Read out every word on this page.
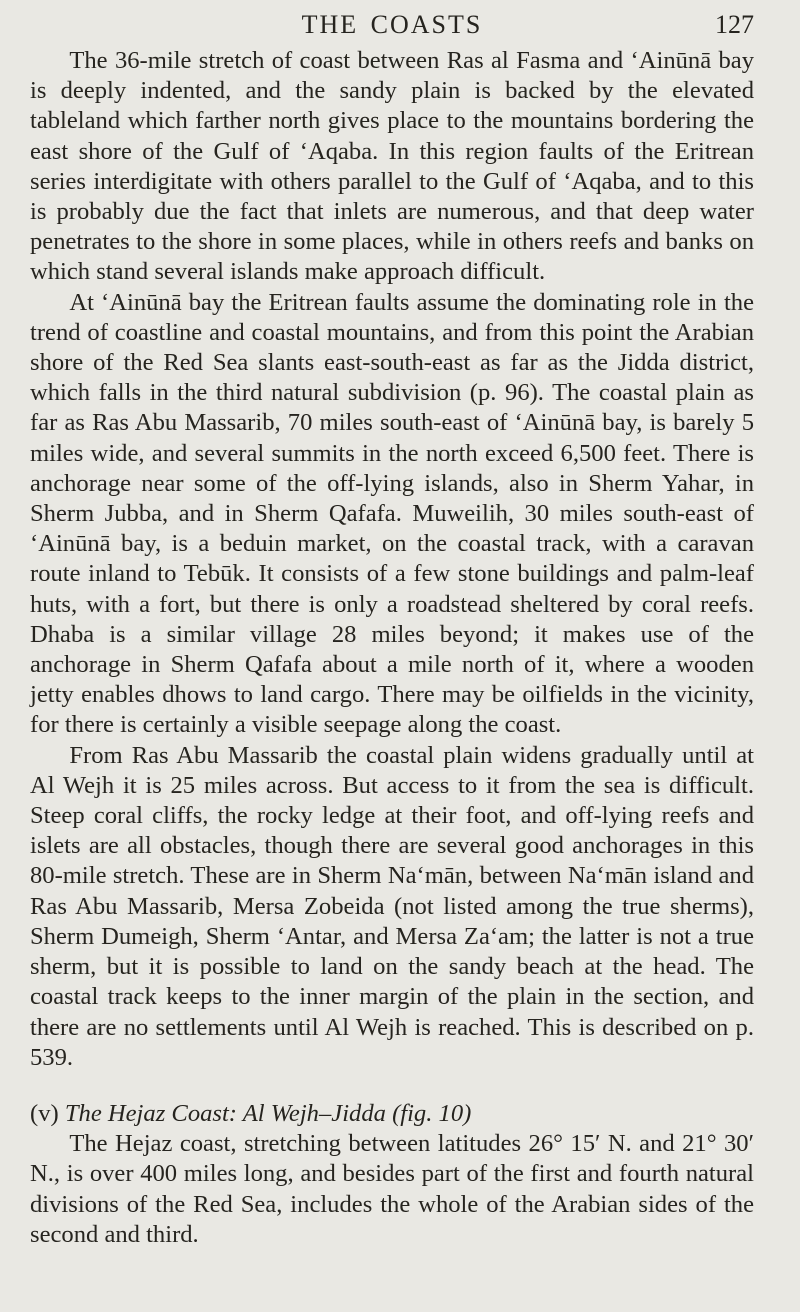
THE COASTS	127

The 36-mile stretch of coast between Ras al Fasma and ‘Ainūnā bay is deeply indented, and the sandy plain is backed by the elevated tableland which farther north gives place to the mountains bordering the east shore of the Gulf of ‘Aqaba. In this region faults of the Eritrean series interdigitate with others parallel to the Gulf of ‘Aqaba, and to this is probably due the fact that inlets are numerous, and that deep water penetrates to the shore in some places, while in others reefs and banks on which stand several islands make approach difficult.

At ‘Ainūnā bay the Eritrean faults assume the dominating role in the trend of coastline and coastal mountains, and from this point the Arabian shore of the Red Sea slants east-south-east as far as the Jidda district, which falls in the third natural subdivision (p. 96). The coastal plain as far as Ras Abu Massarib, 70 miles south-east of ‘Ainūnā bay, is barely 5 miles wide, and several summits in the north exceed 6,500 feet. There is anchorage near some of the off-lying islands, also in Sherm Yahar, in Sherm Jubba, and in Sherm Qafafa. Muweilih, 30 miles south-east of ‘Ainūnā bay, is a beduin market, on the coastal track, with a caravan route inland to Tebūk. It consists of a few stone buildings and palm-leaf huts, with a fort, but there is only a roadstead sheltered by coral reefs. Dhaba is a similar village 28 miles beyond; it makes use of the anchorage in Sherm Qafafa about a mile north of it, where a wooden jetty enables dhows to land cargo. There may be oilfields in the vicinity, for there is certainly a visible seepage along the coast.

From Ras Abu Massarib the coastal plain widens gradually until at Al Wejh it is 25 miles across. But access to it from the sea is difficult. Steep coral cliffs, the rocky ledge at their foot, and off-lying reefs and islets are all obstacles, though there are several good anchorages in this 80-mile stretch. These are in Sherm Na‘mān, between Na‘mān island and Ras Abu Massarib, Mersa Zobeida (not listed among the true sherms), Sherm Dumeigh, Sherm ‘Antar, and Mersa Za‘am; the latter is not a true sherm, but it is possible to land on the sandy beach at the head. The coastal track keeps to the inner margin of the plain in the section, and there are no settlements until Al Wejh is reached. This is described on p. 539.

(v) The Hejaz Coast: Al Wejh–Jidda (fig. 10)

The Hejaz coast, stretching between latitudes 26° 15′ N. and 21° 30′ N., is over 400 miles long, and besides part of the first and fourth natural divisions of the Red Sea, includes the whole of the Arabian sides of the second and third.
